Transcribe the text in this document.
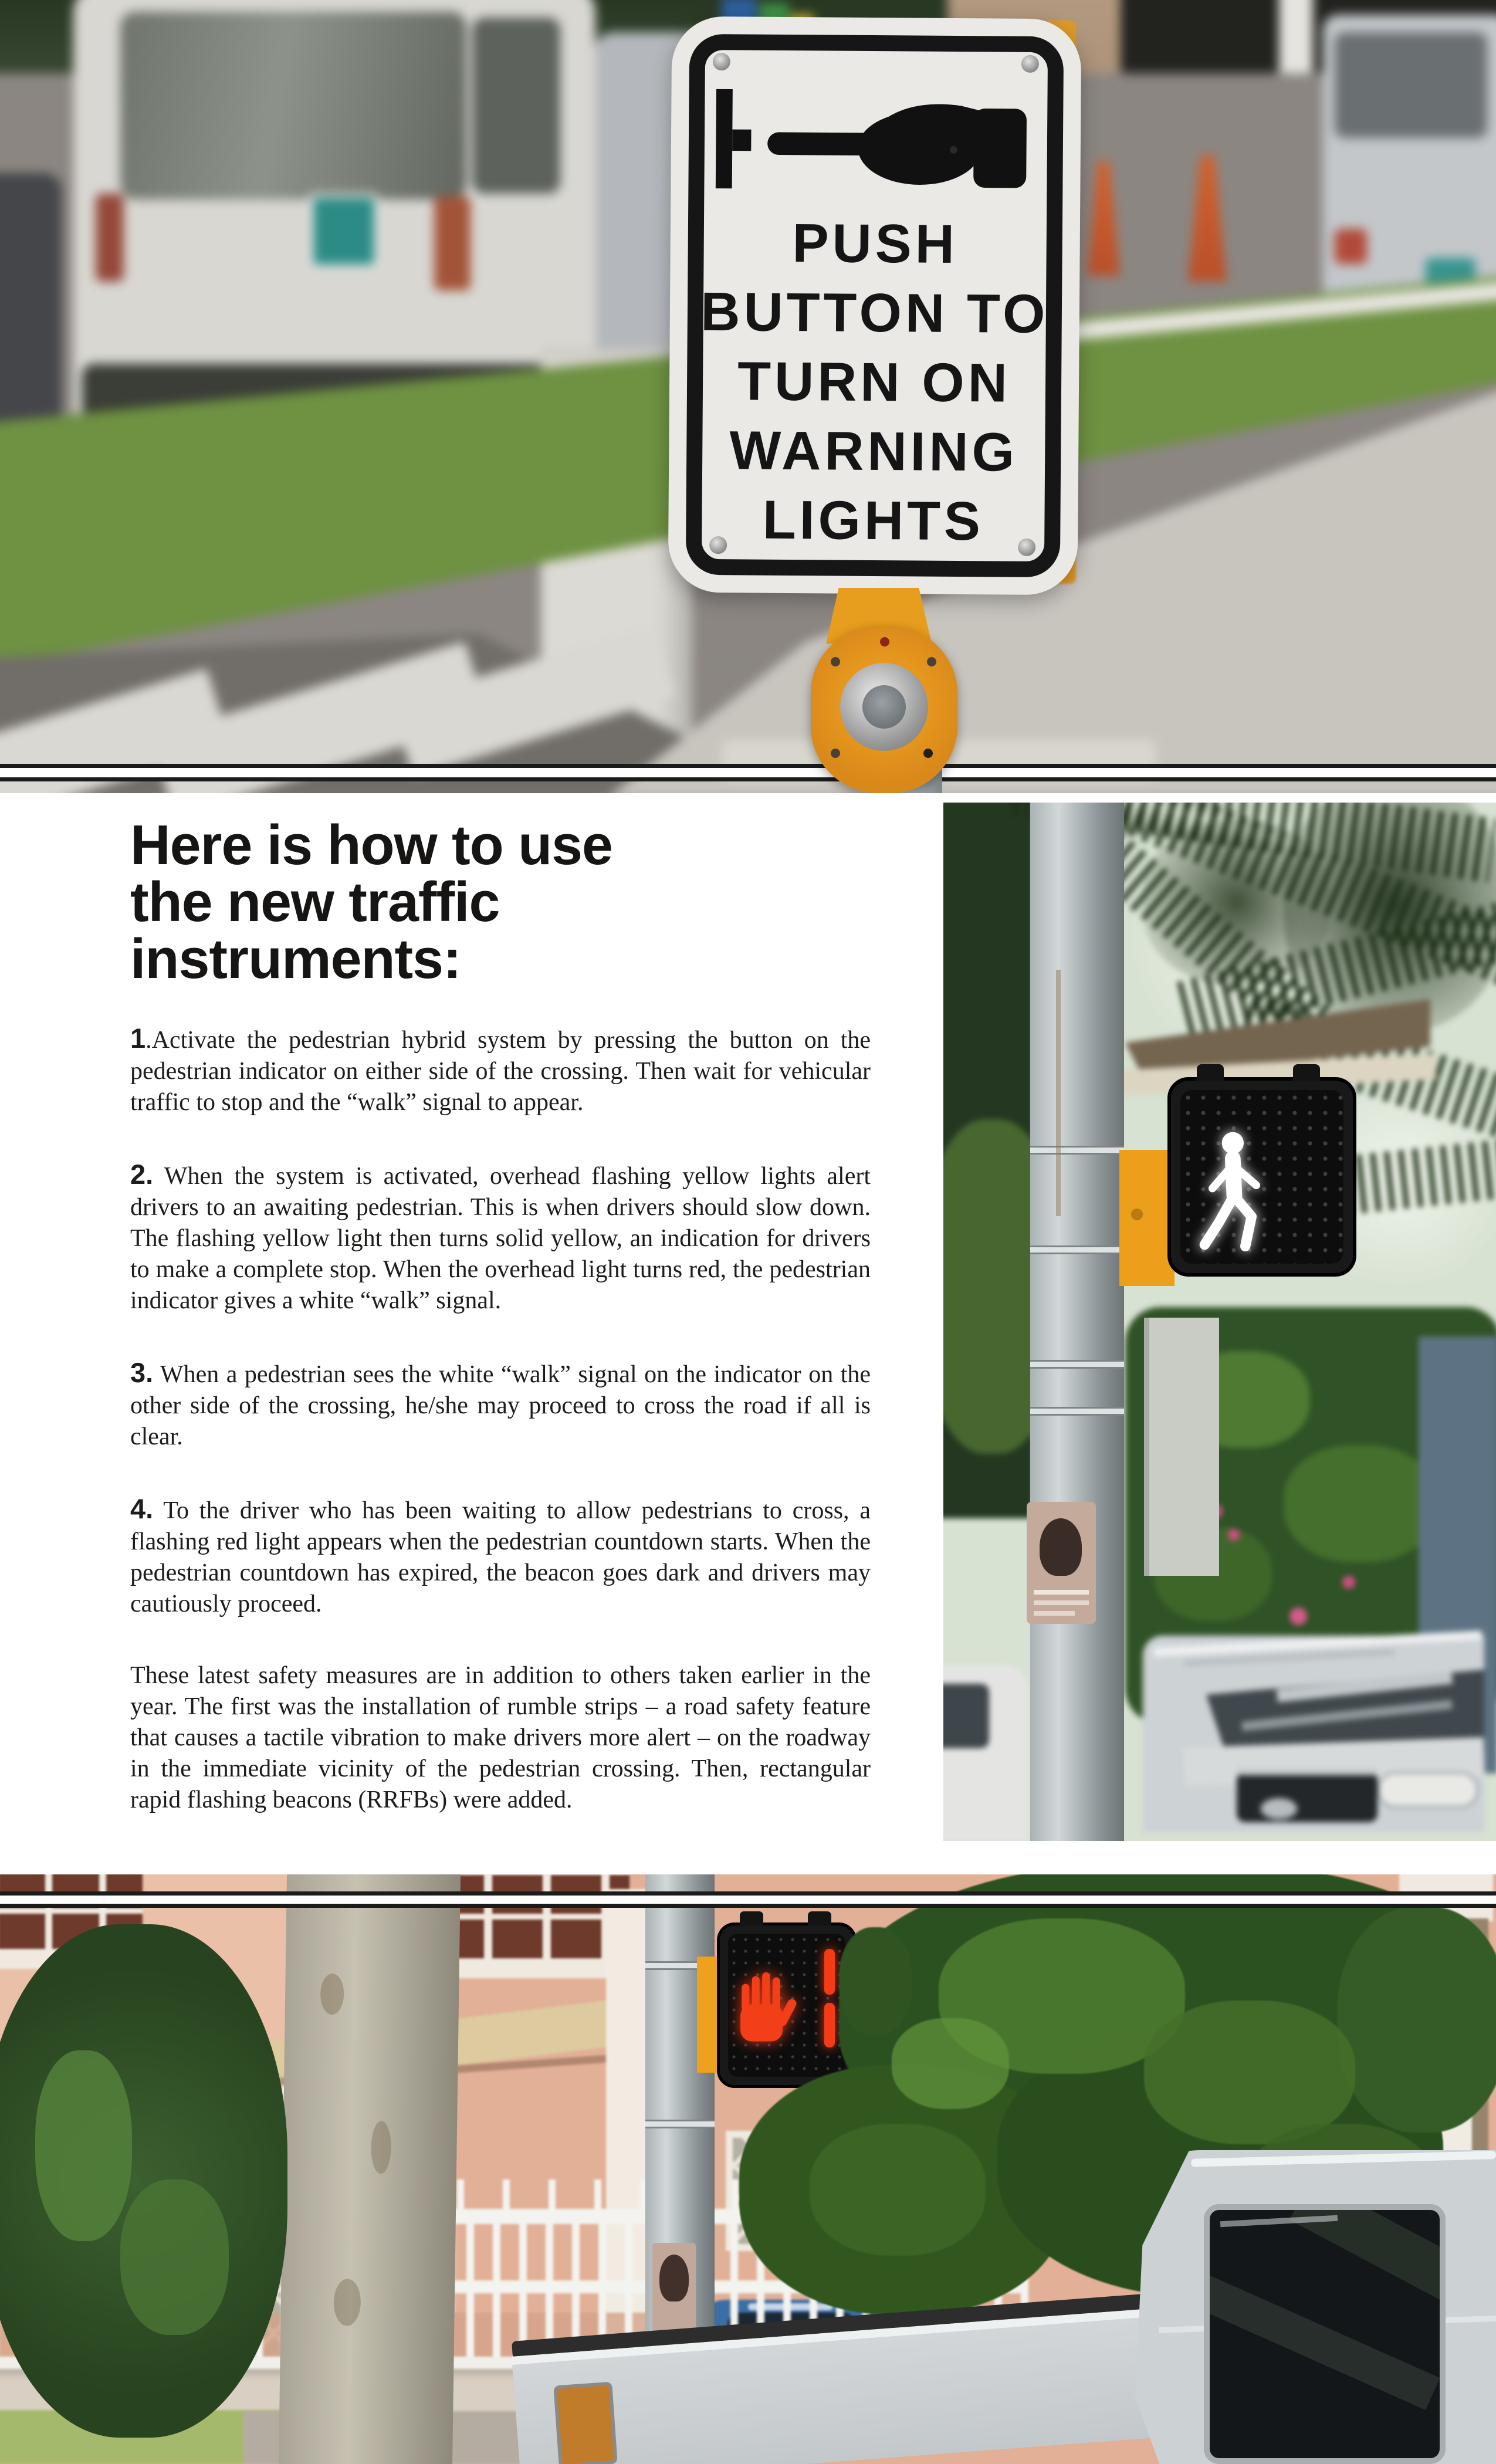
PUSH
BUTTON TO
TURN ON
WARNING
LIGHTS
Here is how to use
the new traffic
instruments:

1.Activate the pedestrian hybrid system by pressing the button on the pedestrian indicator on either side of the crossing. Then wait for vehicular traffic to stop and the “walk” signal to appear.

2. When the system is activated, overhead flashing yellow lights alert drivers to an awaiting pedestrian. This is when drivers should slow down. The flashing yellow light then turns solid yellow, an indication for drivers to make a complete stop. When the overhead light turns red, the pedestrian indicator gives a white “walk” signal.

3. When a pedestrian sees the white “walk” signal on the indicator on the other side of the crossing, he/she may proceed to cross the road if all is clear.

4. To the driver who has been waiting to allow pedestrians to cross, a flashing red light appears when the pedestrian countdown starts. When the pedestrian countdown has expired, the beacon goes dark and drivers may cautiously proceed.

These latest safety measures are in addition to others taken earlier in the year. The first was the installation of rumble strips – a road safety feature that causes a tactile vibration to make drivers more alert – on the roadway in the immediate vicinity of the pedestrian crossing. Then, rectangular rapid flashing beacons (RRFBs) were added.
